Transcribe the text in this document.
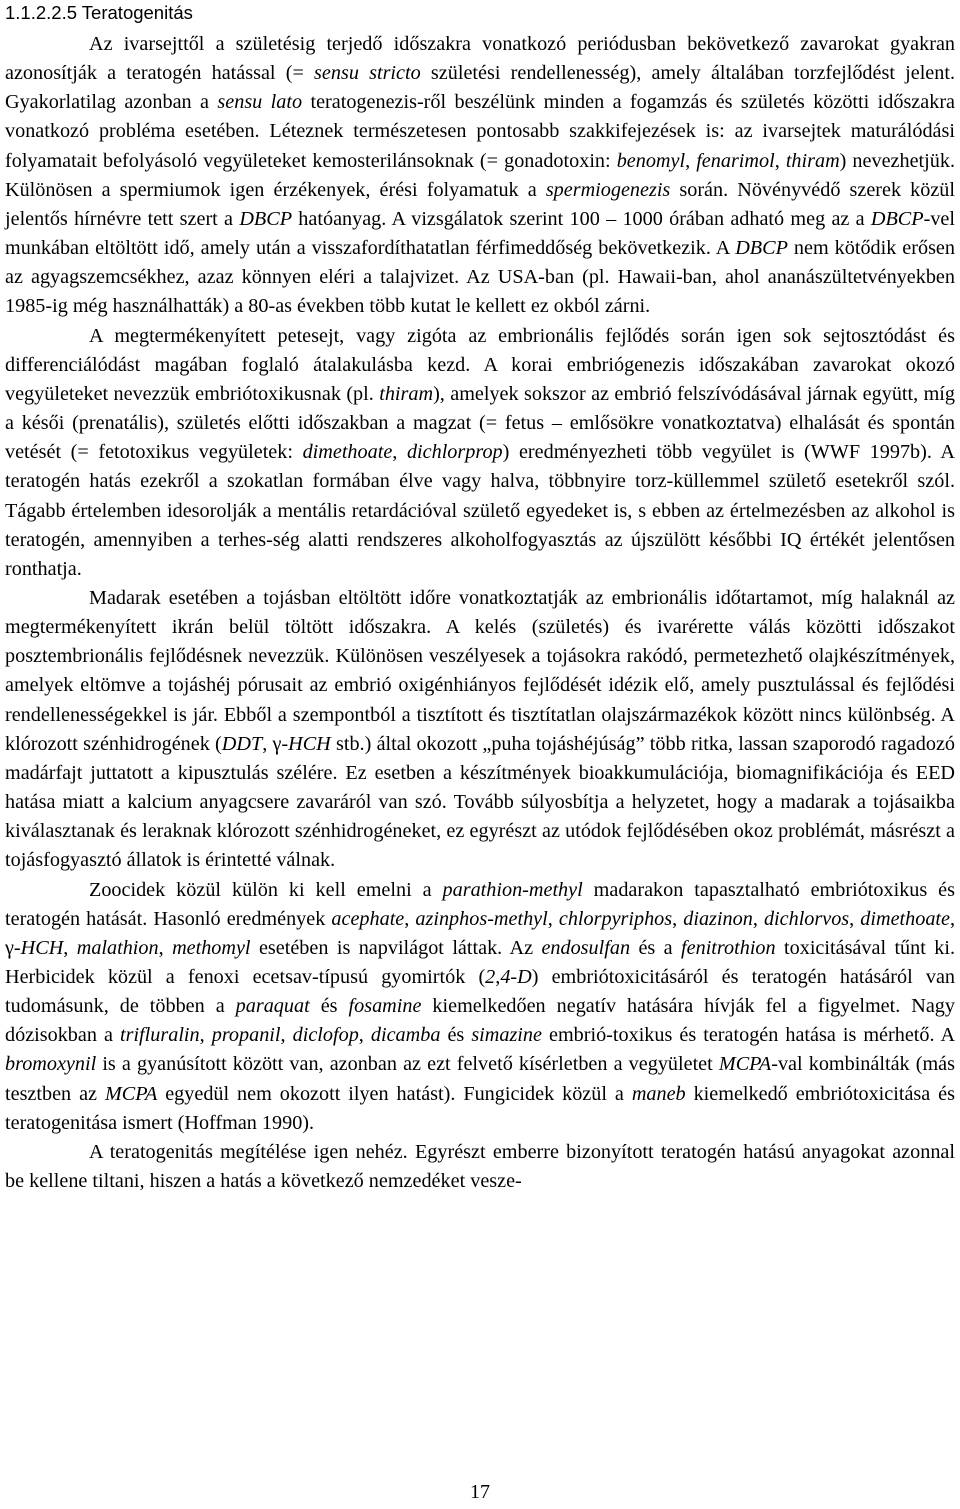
1.1.2.2.5 Teratogenitás

Az ivarsejttől a születésig terjedő időszakra vonatkozó periódusban bekövetkező zavarokat gyakran azonosítják a teratogén hatással (= sensu stricto születési rendellenesség), amely általában torzfejlődést jelent. Gyakorlatilag azonban a sensu lato teratogenezis-ről beszélünk minden a fogamzás és születés közötti időszakra vonatkozó probléma esetében. Léteznek természetesen pontosabb szakkifejezések is: az ivarsejtek maturálódási folyamatait befolyásoló vegyületeket kemosterilánsoknak (= gonadotoxin: benomyl, fenarimol, thiram) nevezhetjük. Különösen a spermiumok igen érzékenyek, érési folyamatuk a spermiogenezis során. Növényvédő szerek közül jelentős hírnévre tett szert a DBCP hatóanyag. A vizsgálatok szerint 100 – 1000 órában adható meg az a DBCP-vel munkában eltöltött idő, amely után a visszafordíthatatlan férfimeddőség bekövetkezik. A DBCP nem kötődik erősen az agyagszemcsékhez, azaz könnyen eléri a talajvizet. Az USA-ban (pl. Hawaii-ban, ahol ananászültetvényekben 1985-ig még használhatták) a 80-as években több kutat le kellett ez okból zárni.

A megtermékenyített petesejt, vagy zigóta az embrionális fejlődés során igen sok sejtosztódást és differenciálódást magában foglaló átalakulásba kezd. A korai embriógenezis időszakában zavarokat okozó vegyületeket nevezzük embriótoxikusnak (pl. thiram), amelyek sokszor az embrió felszívódásával járnak együtt, míg a késői (prenatális), születés előtti időszakban a magzat (= fetus – emlősökre vonatkoztatva) elhalását és spontán vetését (= fetotoxikus vegyületek: dimethoate, dichlorprop) eredményezheti több vegyület is (WWF 1997b). A teratogén hatás ezekről a szokatlan formában élve vagy halva, többnyire torz-küllemmel születő esetekről szól. Tágabb értelemben idesorolják a mentális retardációval születő egyedeket is, s ebben az értelmezésben az alkohol is teratogén, amennyiben a terhes-ség alatti rendszeres alkoholfogyasztás az újszülött későbbi IQ értékét jelentősen ronthatja.

Madarak esetében a tojásban eltöltött időre vonatkoztatják az embrionális időtartamot, míg halaknál az megtermékenyített ikrán belül töltött időszakra. A kelés (születés) és ivarérette válás közötti időszakot posztembrionális fejlődésnek nevezzük. Különösen veszélyesek a tojásokra rakódó, permetezhető olajkészítmények, amelyek eltömve a tojáshéj pórusait az embrió oxigénhiányos fejlődését idézik elő, amely pusztulással és fejlődési rendellenességekkel is jár. Ebből a szempontból a tisztított és tisztítatlan olajszármazékok között nincs különbség. A klórozott szénhidrogének (DDT, γ-HCH stb.) által okozott „puha tojáshéjúság” több ritka, lassan szaporodó ragadozó madárfajt juttatott a kipusztulás szélére. Ez esetben a készítmények bioakkumulációja, biomagnifikációja és EED hatása miatt a kalcium anyagcsere zavaráról van szó. Tovább súlyosbítja a helyzetet, hogy a madarak a tojásaikba kiválasztanak és leraknak klórozott szénhidrogéneket, ez egyrészt az utódok fejlődésében okoz problémát, másrészt a tojásfogyasztó állatok is érintetté válnak.

Zoocidek közül külön ki kell emelni a parathion-methyl madarakon tapasztalható embriótoxikus és teratogén hatását. Hasonló eredmények acephate, azinphos-methyl, chlorpyriphos, diazinon, dichlorvos, dimethoate, γ-HCH, malathion, methomyl esetében is napvilágot láttak. Az endosulfan és a fenitrothion toxicitásával tűnt ki. Herbicidek közül a fenoxi ecetsav-típusú gyomirtók (2,4-D) embriótoxicitásáról és teratogén hatásáról van tudomásunk, de többen a paraquat és fosamine kiemelkedően negatív hatására hívják fel a figyelmet. Nagy dózisokban a trifluralin, propanil, diclofop, dicamba és simazine embrió-toxikus és teratogén hatása is mérhető. A bromoxynil is a gyanúsított között van, azonban az ezt felvető kísérletben a vegyületet MCPA-val kombinálták (más tesztben az MCPA egyedül nem okozott ilyen hatást). Fungicidek közül a maneb kiemelkedő embriótoxicitása és teratogenitása ismert (Hoffman 1990).

A teratogenitás megítélése igen nehéz. Egyrészt emberre bizonyított teratogén hatású anyagokat azonnal be kellene tiltani, hiszen a hatás a következő nemzedéket vesze-

17
